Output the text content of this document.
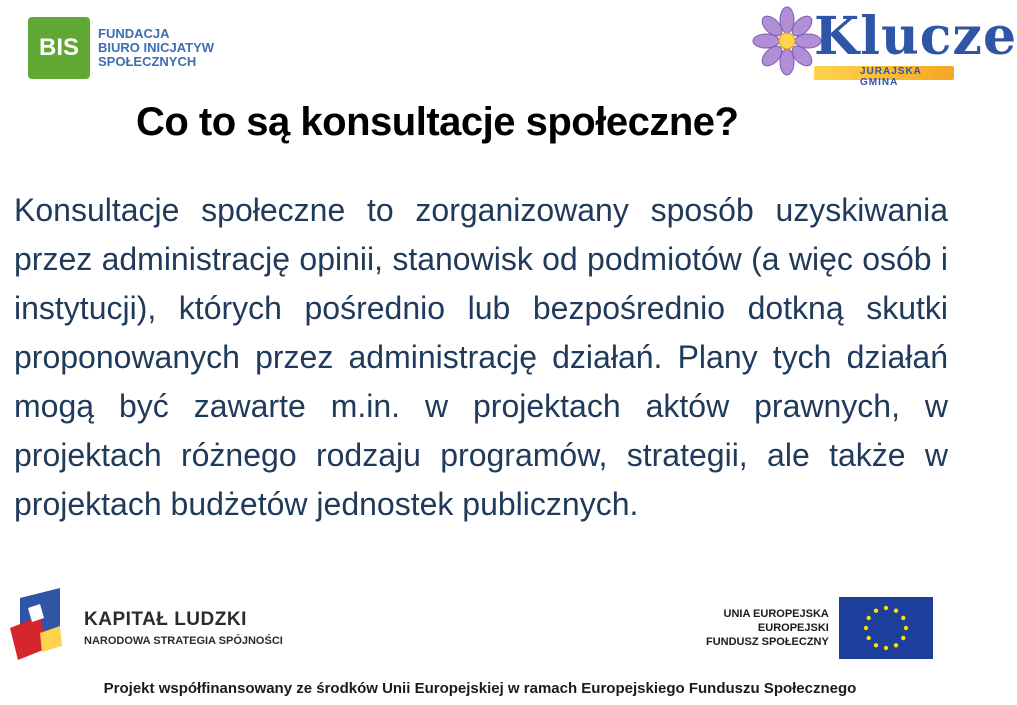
BIS
FUNDACJA
BIURO INICJATYW
SPOŁECZNYCH	Klucze
JURAJSKA GMINA
Co to są konsultacje społeczne?

Konsultacje społeczne to zorganizowany sposób uzyskiwania przez administrację opinii, stanowisk od podmiotów (a więc osób i instytucji), których pośrednio lub bezpośrednio dotkną skutki proponowanych przez administrację działań. Plany tych działań mogą być zawarte m.in. w projektach aktów prawnych, w projektach różnego rodzaju programów, strategii, ale także w projektach budżetów jednostek publicznych.

KAPITAŁ LUDZKI
NARODOWA STRATEGIA SPÓJNOŚCI
UNIA EUROPEJSKA
EUROPEJSKI
FUNDUSZ SPOŁECZNY
Projekt współfinansowany ze środków Unii Europejskiej w ramach Europejskiego Funduszu Społecznego
